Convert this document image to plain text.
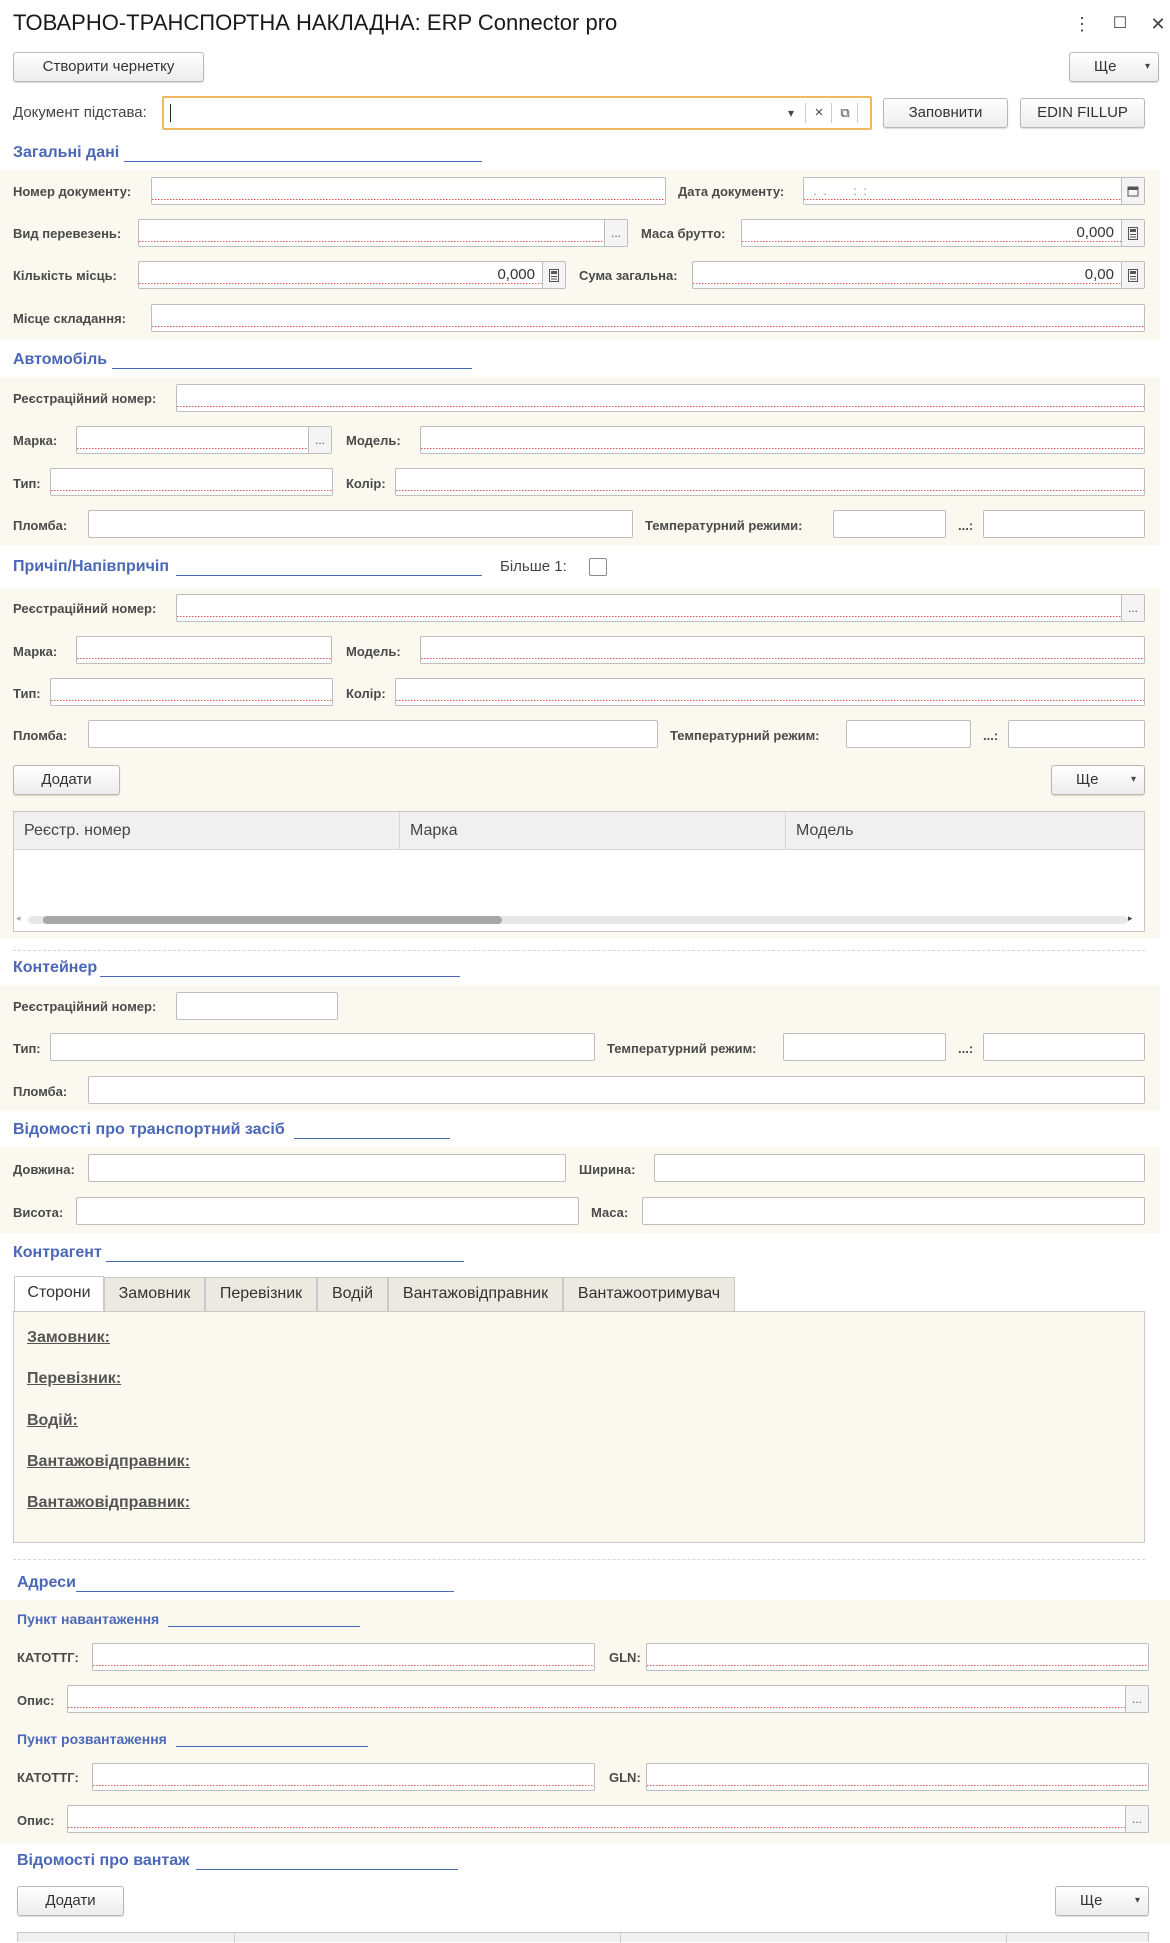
ТОВАРНО-ТРАНСПОРТНА НАКЛАДНА: ERP Connector pro	⋮	☐ ✕
Створити чернетку	Ще	▾
Документ підстава:	▾	×	⧉	Заповнити	EDIN FILLUP
Загальні дані
Номер документу:	Дата документу:	.  .        :  :
Вид перевезень:	...	Маса брутто:	0,000
Кількість місць:	0,000	Сума загальна:	0,00
Місце складання:
Автомобіль
Реєстраційний номер:
Марка:	...	Модель:
Тип:	Колір:
Пломба:	Температурний режими:	...:
Причіп/Напівпричіп	Більше 1:
Реєстраційний номер:	...
Марка:	Модель:
Тип:	Колір:
Пломба:	Температурний режим:	...:
Додати	Ще	▾
Реєстр. номер	Марка	Модель
◂	▸
Контейнер
Реєстраційний номер:
Тип:	Температурний режим:	...:
Пломба:
Відомості про транспортний засіб
Довжина:	Ширина:
Висота:	Маса:
Контрагент
Сторони	Замовник	Перевізник	Водій	Вантажовідправник	Вантажоотримувач
Замовник:
Перевізник:
Водій:
Вантажовідправник:
Вантажовідправник:
Адреси
Пункт навантаження
КАТОТТГ:	GLN:
Опис:	...
Пункт розвантаження
КАТОТТГ:	GLN:
Опис:	...
Відомості про вантаж
Додати	Ще	▾
